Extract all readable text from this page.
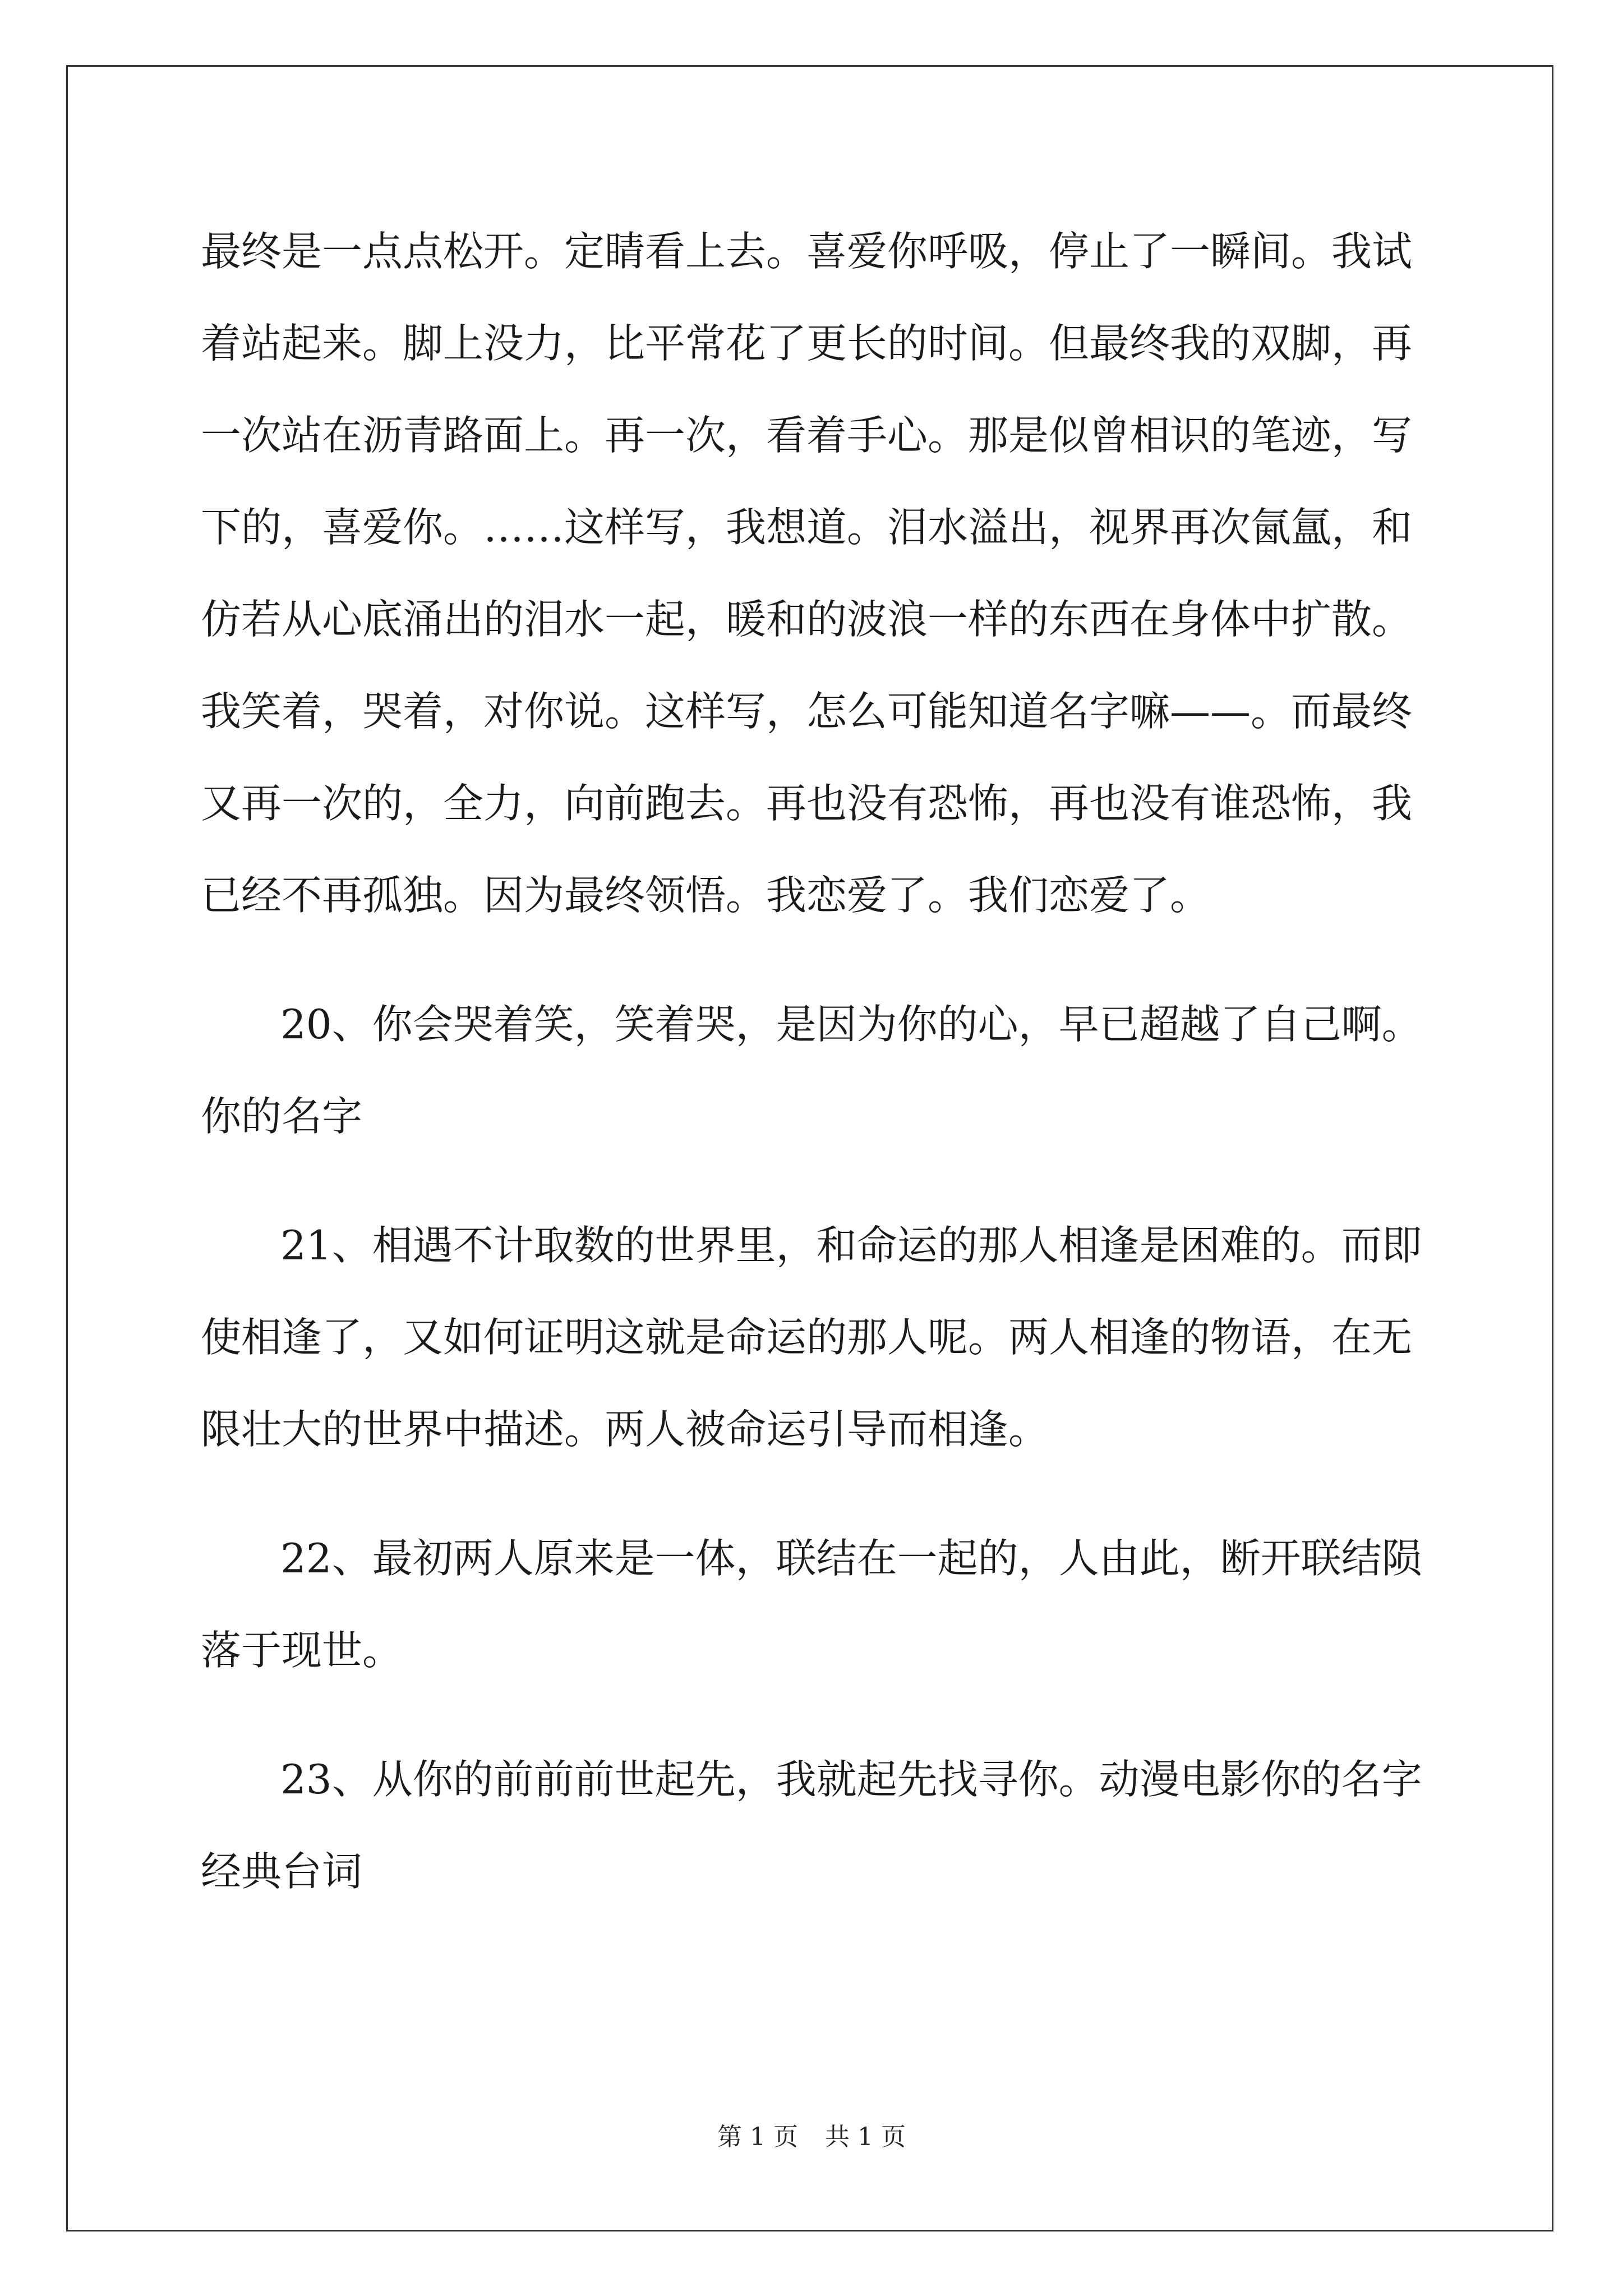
最终是一点点松开。定睛看上去。喜爱你呼吸，停止了一瞬间。我试
着站起来。脚上没力，比平常花了更长的时间。但最终我的双脚，再
一次站在沥青路面上。再一次，看着手心。那是似曾相识的笔迹，写
下的，喜爱你。……这样写，我想道。泪水溢出，视界再次氤氲，和
仿若从心底涌出的泪水一起，暖和的波浪一样的东西在身体中扩散。
我笑着，哭着，对你说。这样写，怎么可能知道名字嘛——。而最终
又再一次的，全力，向前跑去。再也没有恐怖，再也没有谁恐怖，我
已经不再孤独。因为最终领悟。我恋爱了。我们恋爱了。
20、你会哭着笑，笑着哭，是因为你的心，早已超越了自己啊。
你的名字
21、相遇不计取数的世界里，和命运的那人相逢是困难的。而即
使相逢了，又如何证明这就是命运的那人呢。两人相逢的物语，在无
限壮大的世界中描述。两人被命运引导而相逢。
22、最初两人原来是一体，联结在一起的，人由此，断开联结陨
落于现世。
23、从你的前前前世起先，我就起先找寻你。动漫电影你的名字
经典台词
第 1 页 共 1 页
